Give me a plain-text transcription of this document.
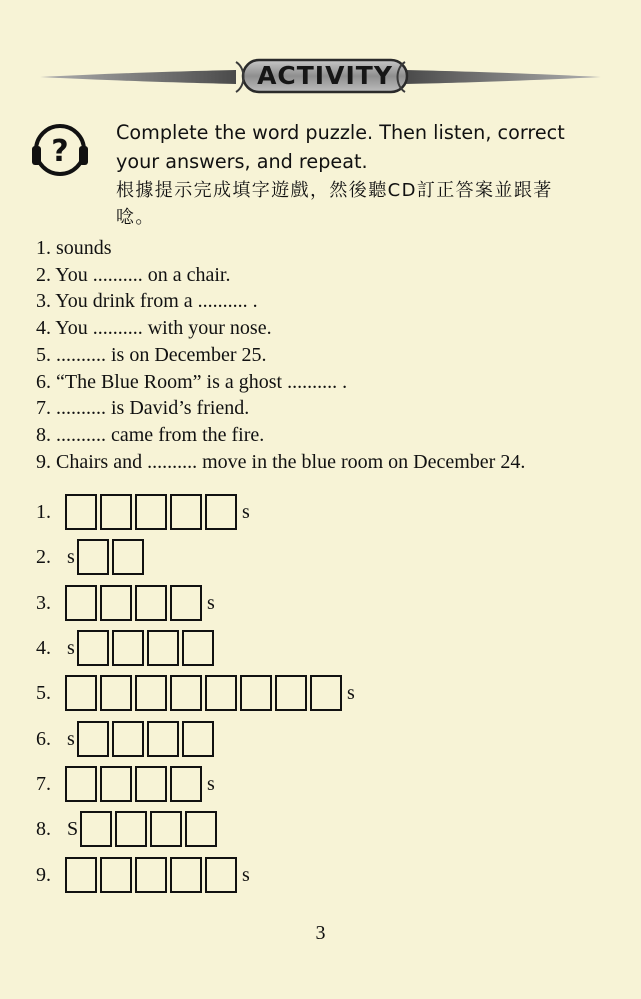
ACTIVITY
?
Complete the word puzzle. Then listen, correct
your answers, and repeat.
根據提示完成填字遊戲，然後聽CD訂正答案並跟著
唸。
1. sounds
2. You .......... on a chair.
3. You drink from a .......... .
4. You .......... with your nose.
5. .......... is on December 25.
6. “The Blue Room” is a ghost .......... .
7. .......... is David’s friend.
8. .......... came from the fire.
9. Chairs and .......... move in the blue room on December 24.
1.	s
2. s
3.	s
4. s
5.	s
6. s
7.	s
8. S
9.	s
3
